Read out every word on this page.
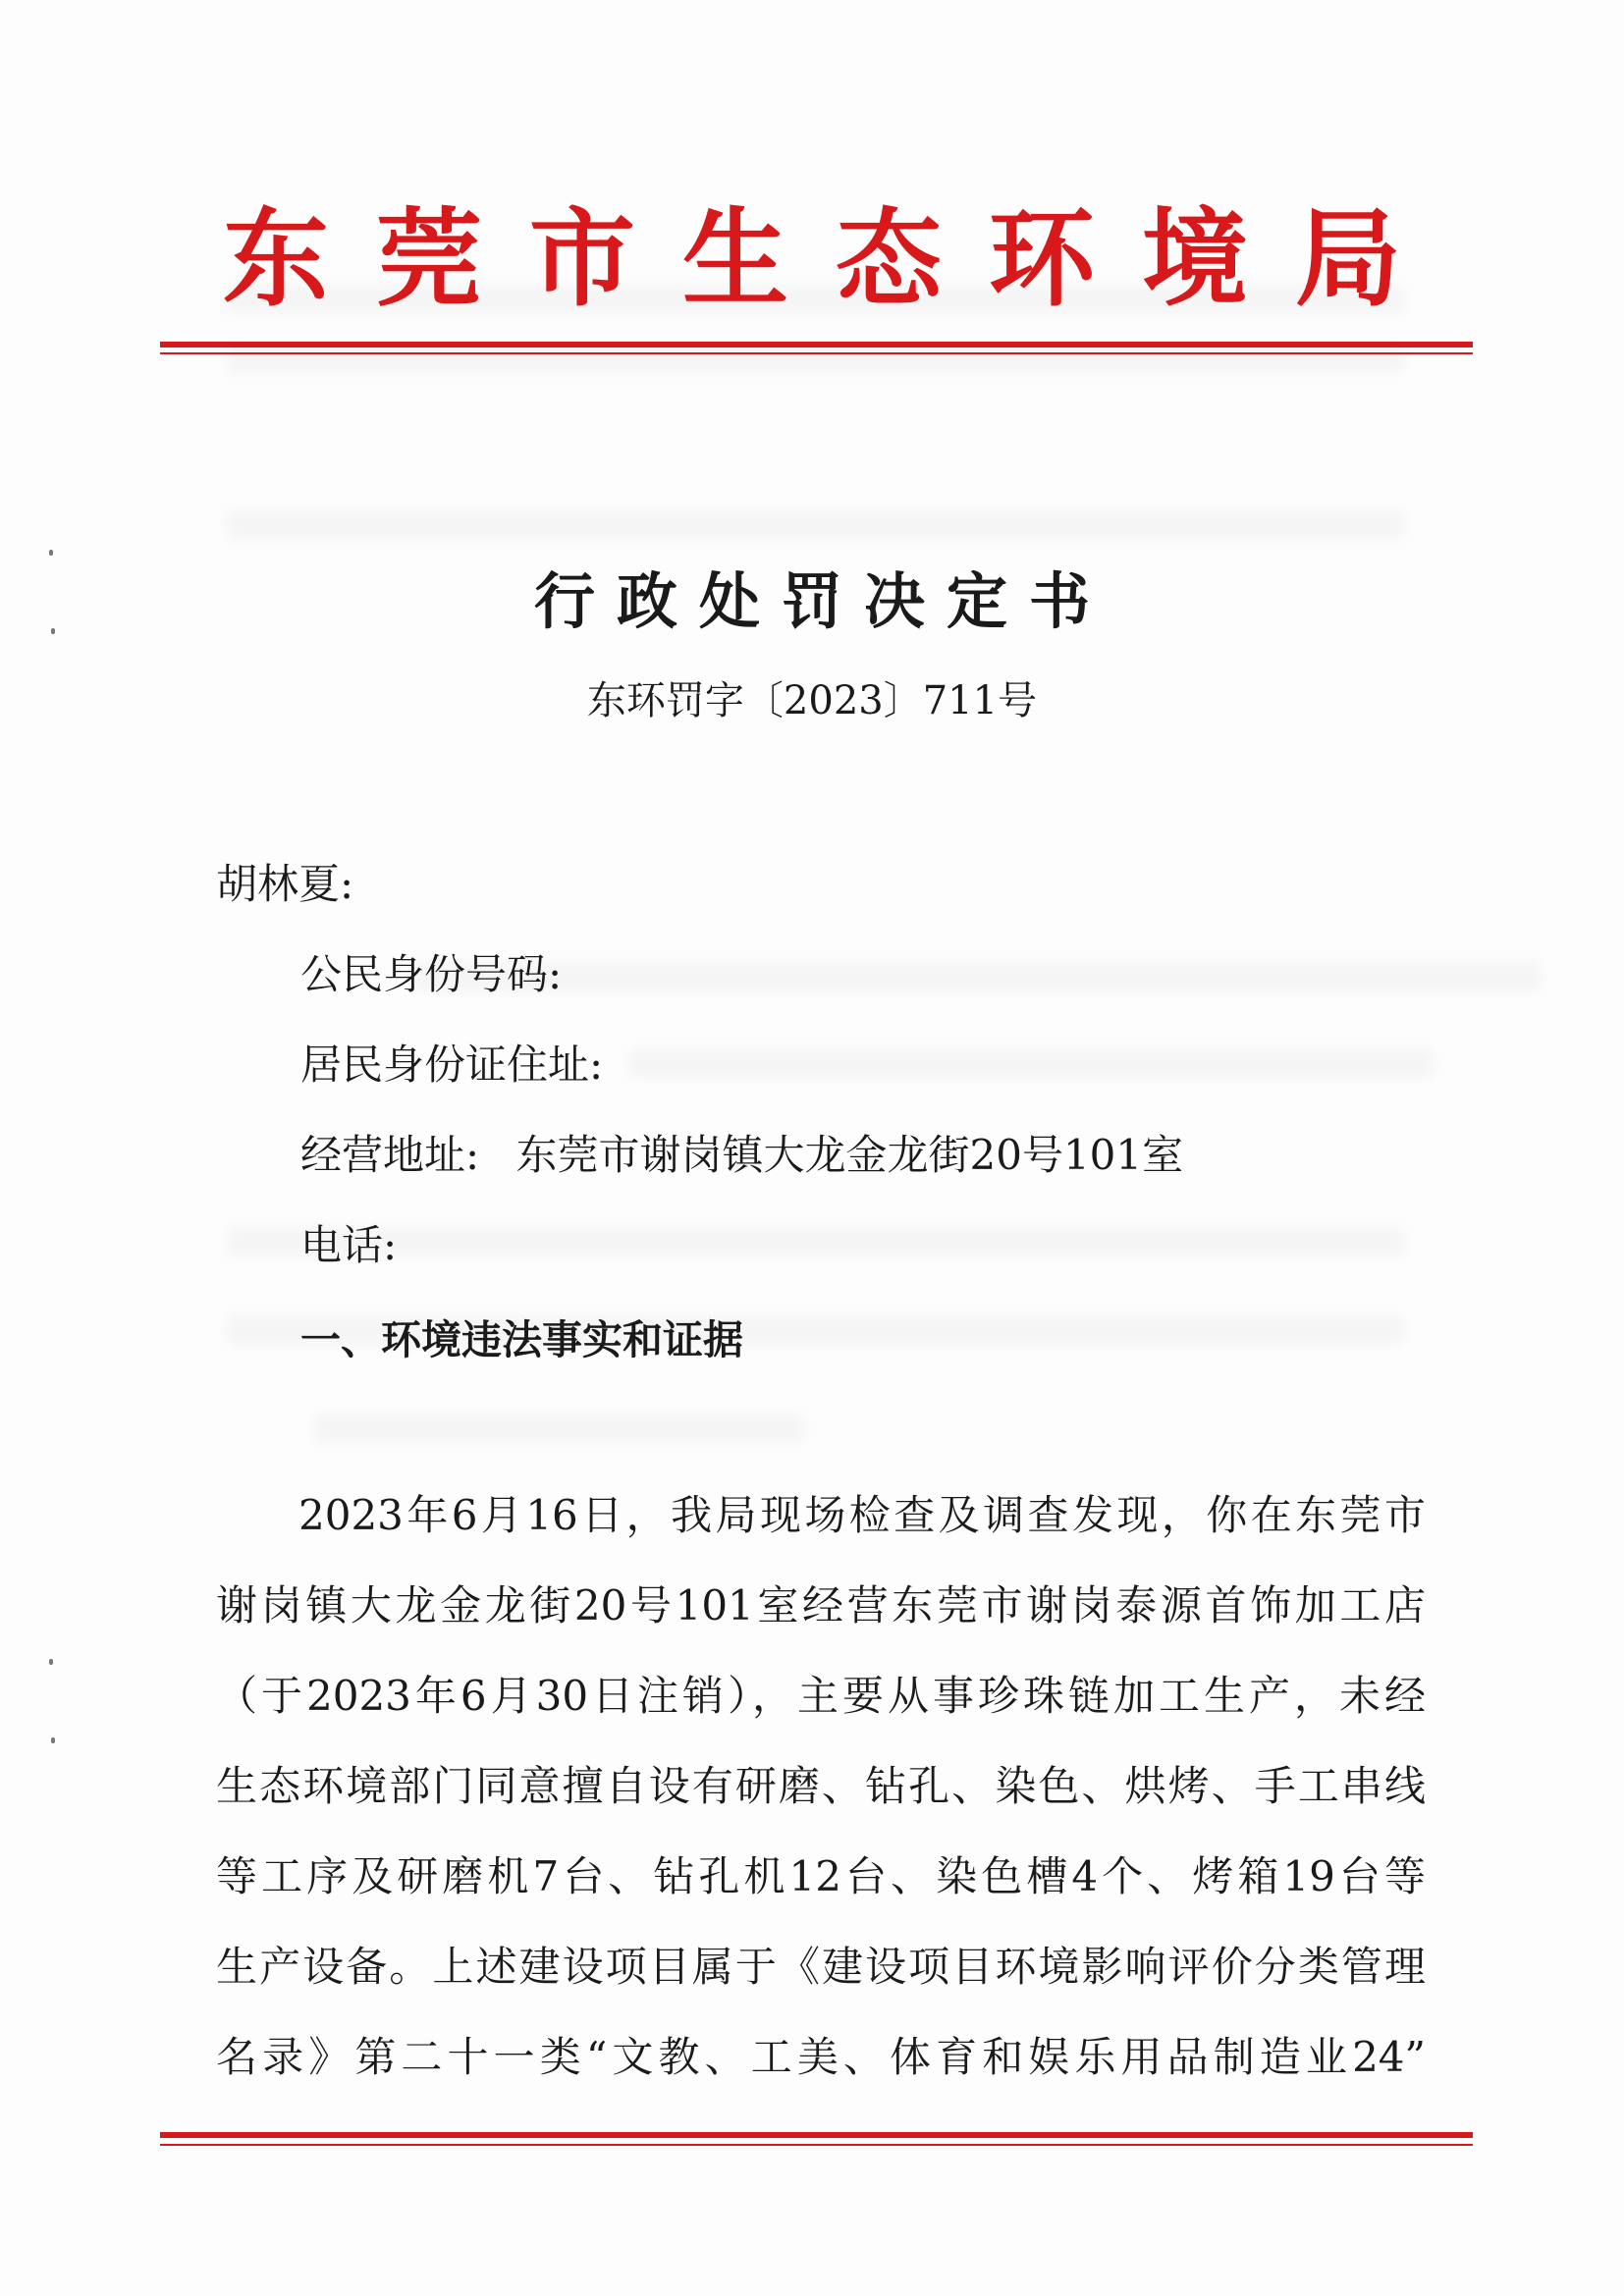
东莞市生态环境局
行政处罚决定书
东环罚字〔2023〕711号
胡林夏:
公民身份号码:
居民身份证住址:
经营地址: 东莞市谢岗镇大龙金龙街20号101室
电话:
一、环境违法事实和证据
2023年6月16日，我局现场检查及调查发现，你在东莞市
谢岗镇大龙金龙街20号101室经营东莞市谢岗泰源首饰加工店
（于2023年6月30日注销），主要从事珍珠链加工生产，未经
生态环境部门同意擅自设有研磨、钻孔、染色、烘烤、手工串线
等工序及研磨机7台、钻孔机12台、染色槽4个、烤箱19台等
生产设备。上述建设项目属于《建设项目环境影响评价分类管理
名录》第二十一类“文教、工美、体育和娱乐用品制造业24”
